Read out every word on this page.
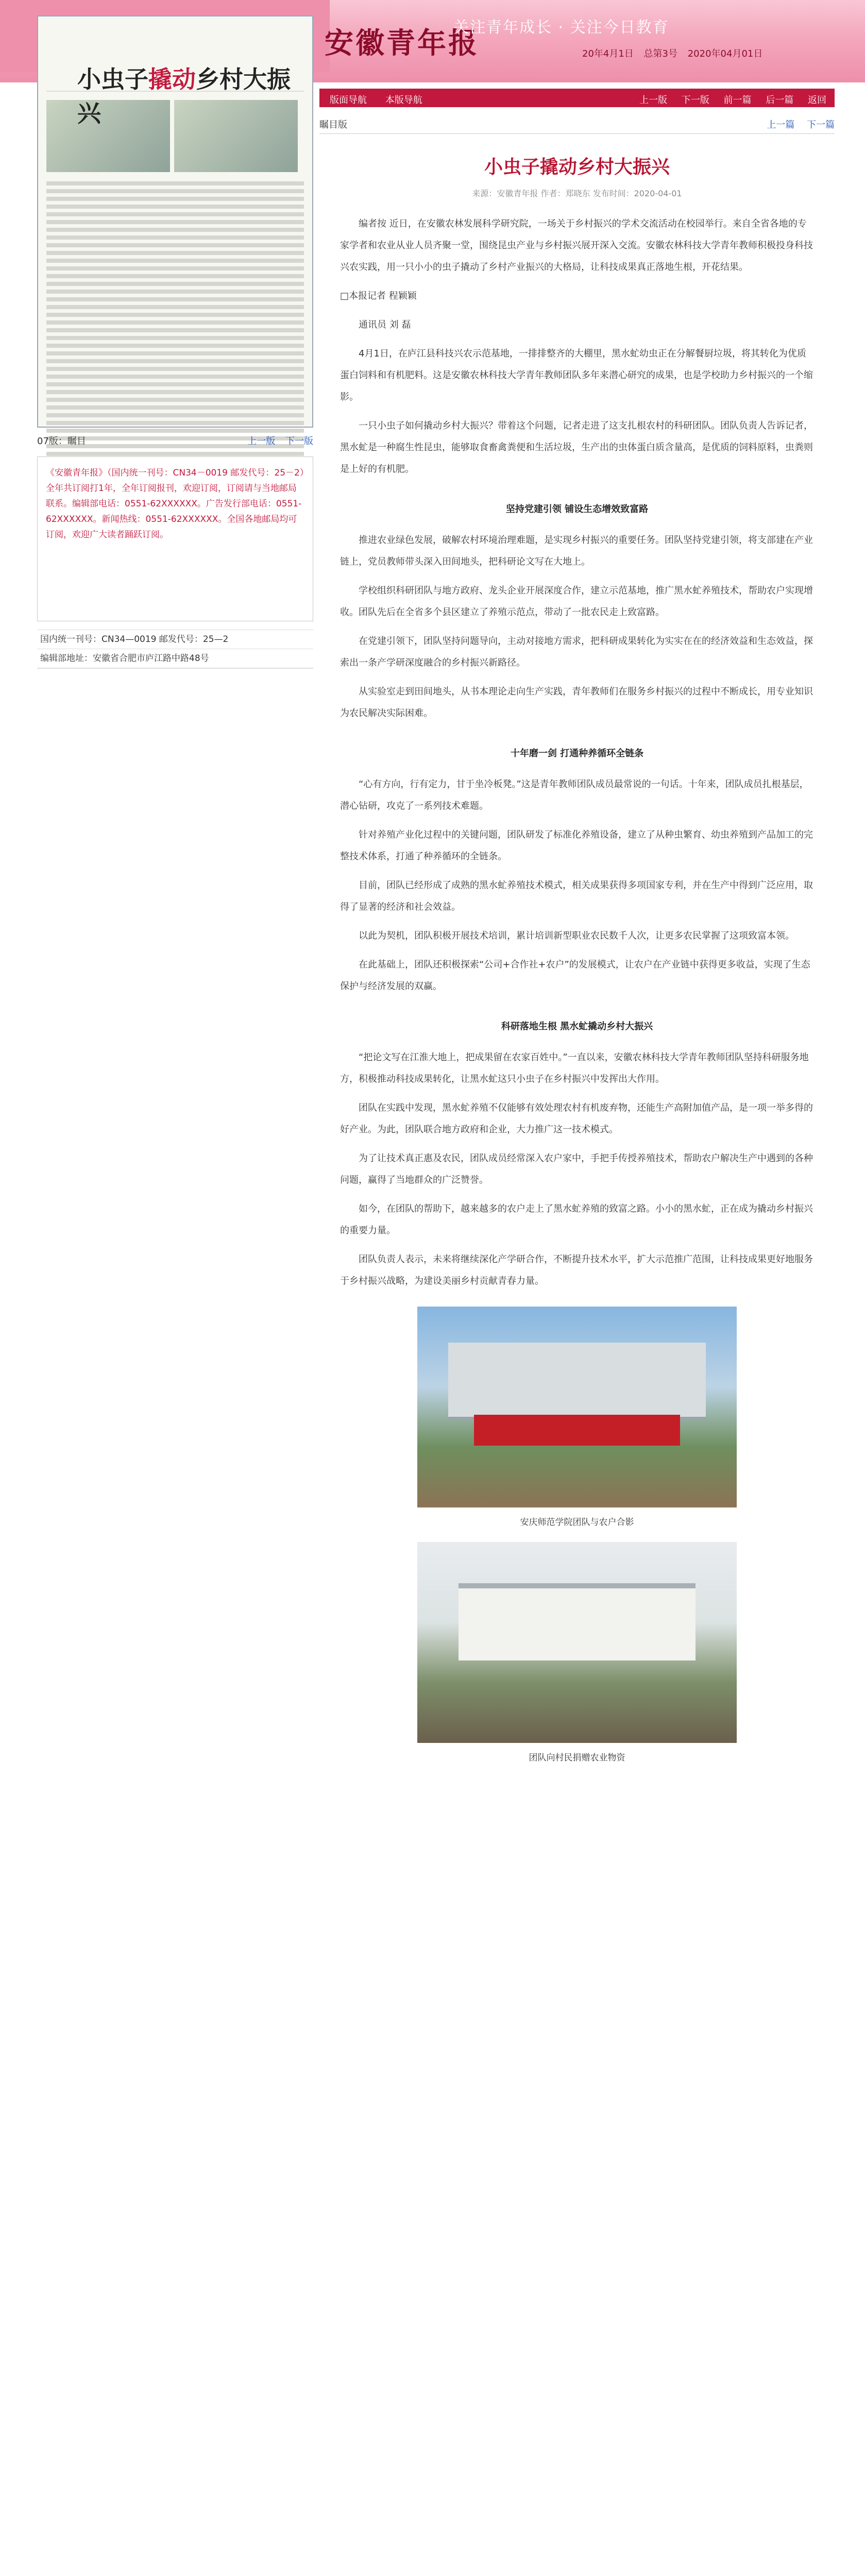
安徽青年报
关注青年成长 · 关注今日教育
20年4月1日 总第3号 2020年04月01日
小虫子撬动乡村大振兴
07版：瞩目	上一版 下一版
《安徽青年报》（国内统一刊号：CN34－0019 邮发代号：25－2）全年共订阅打1年，全年订阅报刊，欢迎订阅，订阅请与当地邮局联系。编辑部电话：0551-62XXXXXX。广告发行部电话：0551-62XXXXXX。新闻热线：0551-62XXXXXX。全国各地邮局均可订阅，欢迎广大读者踊跃订阅。
国内统一刊号：CN34—0019 邮发代号：25—2
编辑部地址：安徽省合肥市庐江路中路48号
版面导航 本版导航	上一版 下一版 前一篇 后一篇 返回
瞩目版	上一篇 下一篇
小虫子撬动乡村大振兴
来源：安徽青年报 作者：郑晓东 发布时间：2020-04-01

编者按 近日，在安徽农林发展科学研究院，一场关于乡村振兴的学术交流活动在校园举行。来自全省各地的专家学者和农业从业人员齐聚一堂，围绕昆虫产业与乡村振兴展开深入交流。安徽农林科技大学青年教师积极投身科技兴农实践，用一只小小的虫子撬动了乡村产业振兴的大格局，让科技成果真正落地生根，开花结果。

□本报记者 程颖颖

通讯员 刘 磊

4月1日，在庐江县科技兴农示范基地，一排排整齐的大棚里，黑水虻幼虫正在分解餐厨垃圾，将其转化为优质蛋白饲料和有机肥料。这是安徽农林科技大学青年教师团队多年来潜心研究的成果，也是学校助力乡村振兴的一个缩影。

一只小虫子如何撬动乡村大振兴？带着这个问题，记者走进了这支扎根农村的科研团队。团队负责人告诉记者，黑水虻是一种腐生性昆虫，能够取食畜禽粪便和生活垃圾，生产出的虫体蛋白质含量高，是优质的饲料原料，虫粪则是上好的有机肥。

坚持党建引领 铺设生态增效致富路

推进农业绿色发展，破解农村环境治理难题，是实现乡村振兴的重要任务。团队坚持党建引领，将支部建在产业链上，党员教师带头深入田间地头，把科研论文写在大地上。

学校组织科研团队与地方政府、龙头企业开展深度合作，建立示范基地，推广黑水虻养殖技术，帮助农户实现增收。团队先后在全省多个县区建立了养殖示范点，带动了一批农民走上致富路。

在党建引领下，团队坚持问题导向，主动对接地方需求，把科研成果转化为实实在在的经济效益和生态效益，探索出一条产学研深度融合的乡村振兴新路径。

从实验室走到田间地头，从书本理论走向生产实践，青年教师们在服务乡村振兴的过程中不断成长，用专业知识为农民解决实际困难。

十年磨一剑 打通种养循环全链条

“心有方向，行有定力，甘于坐冷板凳。”这是青年教师团队成员最常说的一句话。十年来，团队成员扎根基层，潜心钻研，攻克了一系列技术难题。

针对养殖产业化过程中的关键问题，团队研发了标准化养殖设备，建立了从种虫繁育、幼虫养殖到产品加工的完整技术体系，打通了种养循环的全链条。

目前，团队已经形成了成熟的黑水虻养殖技术模式，相关成果获得多项国家专利，并在生产中得到广泛应用，取得了显著的经济和社会效益。

以此为契机，团队积极开展技术培训，累计培训新型职业农民数千人次，让更多农民掌握了这项致富本领。

在此基础上，团队还积极探索“公司+合作社+农户”的发展模式，让农户在产业链中获得更多收益，实现了生态保护与经济发展的双赢。

科研落地生根 黑水虻撬动乡村大振兴

“把论文写在江淮大地上，把成果留在农家百姓中。”一直以来，安徽农林科技大学青年教师团队坚持科研服务地方，积极推动科技成果转化，让黑水虻这只小虫子在乡村振兴中发挥出大作用。

团队在实践中发现，黑水虻养殖不仅能够有效处理农村有机废弃物，还能生产高附加值产品，是一项一举多得的好产业。为此，团队联合地方政府和企业，大力推广这一技术模式。

为了让技术真正惠及农民，团队成员经常深入农户家中，手把手传授养殖技术，帮助农户解决生产中遇到的各种问题，赢得了当地群众的广泛赞誉。

如今，在团队的帮助下，越来越多的农户走上了黑水虻养殖的致富之路。小小的黑水虻，正在成为撬动乡村振兴的重要力量。

团队负责人表示，未来将继续深化产学研合作，不断提升技术水平，扩大示范推广范围，让科技成果更好地服务于乡村振兴战略，为建设美丽乡村贡献青春力量。

安庆师范学院团队与农户合影
团队向村民捐赠农业物资
